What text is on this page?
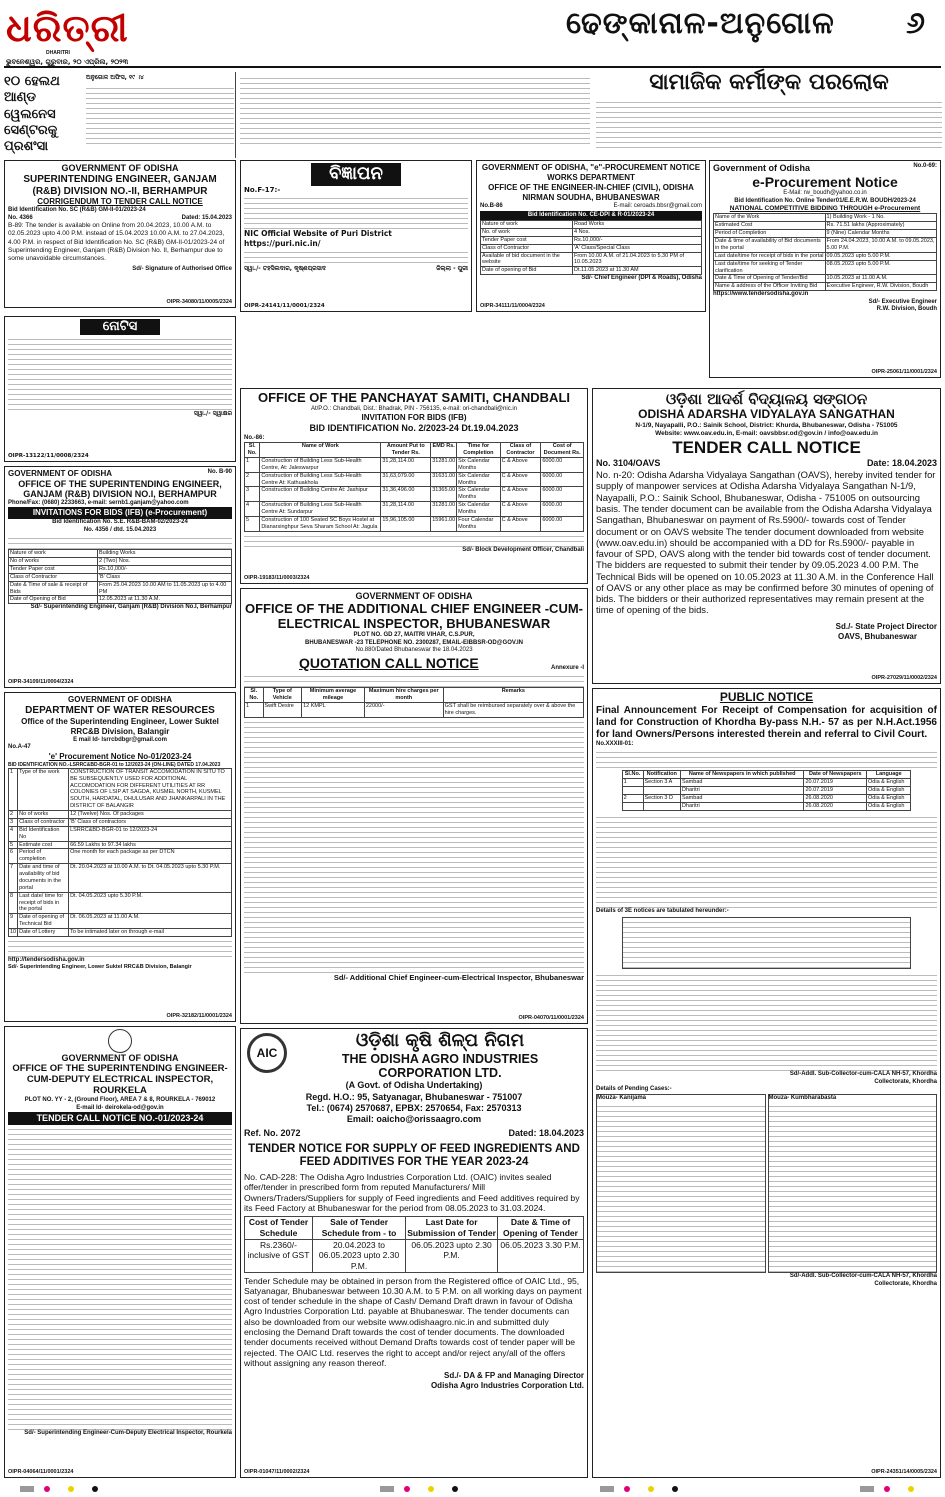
ଧରିତ୍ରୀ
DHARITRI
ଭୁବନେଶ୍ୱର, ଗୁରୁବାର, ୨୦ ଏପ୍ରିଲ, ୨୦୨୩
ଢେଙ୍କାନାଳ-ଅନୁଗୋଳ ୬
୧୦ ହେଲଥ ଆଣ୍ଡ ୱେଲନେସ ସେଣ୍ଟରକୁ ପ୍ରଶଂସା
ଅନୁଗୋଳ ଅଫିସ, ୧୯ ।୪	ସାମାଜିକ କର୍ମୀଙ୍କ ପରଲୋକ
GOVERNMENT OF ODISHA
SUPERINTENDING ENGINEER, GANJAM (R&B) DIVISION NO.-II, BERHAMPUR
CORRIGENDUM TO TENDER CALL NOTICE
Bid Identification No. SC (R&B) GM-II-01/2023-24
No. 4366	Dated: 15.04.2023
B-89: The tender is available on Online from 20.04.2023, 10.00 A.M. to 02.05.2023 upto 4.00 P.M. instead of 15.04.2023 10.00 A.M. to 27.04.2023, 4.00 P.M. in respect of Bid Identification No. SC (R&B) GM-II-01/2023-24 of Superintending Engineer, Ganjam (R&B) Division No. II, Berhampur due to some unavoidable circumstances.
Sd/- Signature of Authorised Office
OIPR-34080/11/0005/2324
ବିଜ୍ଞାପନ
No.F-17:-
NIC Official Website of Puri District https://puri.nic.in/
ସ୍ୱା./- ତହସିଲଦାର, କୃଷ୍ଣପ୍ରସାଦ	ଜିଲ୍ଲା - ପୁରୀ
OIPR-24141/11/0001/2324
GOVERNMENT OF ODISHA, "e"-PROCUREMENT NOTICE
WORKS DEPARTMENT
OFFICE OF THE ENGINEER-IN-CHIEF (CIVIL), ODISHA NIRMAN SOUDHA, BHUBANESWAR
No.B-86	E-mail: ceroads.bbsr@gmail.com
Bid Identification No. CE-DPI & R-01/2023-24
Nature of work	Road Works
No. of work	4 Nos.
Tender Paper cost	Rs.10,000/-
Class of Contractor	'A' Class/Special Class
Available of bid document in the website	From 10.00 A.M. of 21.04.2023 to 5.30 PM of 10.05.2023
Date of opening of Bid	Dt.11.05.2023 at 11.30 AM
Sd/- Chief Engineer (DPI & Roads), Odisha
OIPR-34111/11/0004/2324
Government of Odisha	No.0-69:
e-Procurement Notice
E-Mail: rw_boudh@yahoo.co.in
Bid Identification No. Online Tender01/E.E.R.W. BOUDH/2023-24
NATIONAL COMPETITIVE BIDDING THROUGH e-Procurement
Name of the Work	1) Building Work - 1 No.
Estimated Cost	Rs. 71.51 lakhs (Approximately)
Period of Completion	9 (Nine) Calendar Months
Date & time of availability of Bid documents in the portal	From 24.04.2023, 10.00 A.M. to 09.05.2023, 5.00 P.M.
Last date/time for receipt of bids in the portal	09.05.2023 upto 5.00 P.M.
Last date/time for seeking of Tender clarification	08.05.2023 upto 5.00 P.M.
Date & Time of Opening of Tender/Bid	10.05.2023 at 11.00 A.M.
Name & address of the Officer Inviting Bid	Executive Engineer, R.W. Division, Boudh
https://www.tendersodisha.gov.in
Sd/- Executive Engineer
R.W. Division, Boudh
OIPR-25061/11/0001/2324
ନୋଟିସ
ସ୍ୱା./- ସ୍ୱାକ୍ଷର
OIPR-13122/11/0008/2324
OFFICE OF THE PANCHAYAT SAMITI, CHANDBALI
At/P.O.: Chandbali, Dist.: Bhadrak, PIN - 756135, e-mail: ori-chandbali@nic.in
INVITATION FOR BIDS (IFB)
BID IDENTIFICATION No. 2/2023-24 Dt.19.04.2023
No.-86:
Sl. No.	Name of Work	Amount Put to Tender Rs.	EMD Rs.	Time for Completion	Class of Contractor	Cost of Document Rs.
1	Construction of Building Less Sub-Health Centre, At: Jaleswarpur	31,28,114.00	31281.00	Six Calendar Months	C & Above	6000.00
2	Construction of Building Less Sub-Health Centre At: Kathuakhola	31,63,079.00	31631.00	Six Calendar Months	C & Above	6000.00
3	Construction of Building Centre At: Jashipur	31,36,496.00	31365.00	Six Calendar Months	C & Above	6000.00
4	Construction of Building Less Sub-Health Centre At: Sundarpur	31,28,114.00	31281.00	Six Calendar Months	C & Above	6000.00
5	Construction of 100 Seated SC Boys Hostel at Dianarsinghpur Seva Sharam School At: Jagula	15,96,105.00	15961.00	Four Calendar Months	C & Above	6000.00
Sd/- Block Development Officer, Chandbali
OIPR-19183/11/0003/2324
GOVERNMENT OF ODISHA	No. B-90
OFFICE OF THE SUPERINTENDING ENGINEER, GANJAM (R&B) DIVISION NO.I, BERHAMPUR
Phone/Fax: (0680) 2233663, e-mail: sernb1.ganjam@yahoo.com
INVITATIONS FOR BIDS (IFB) (e-Procurement)
Bid Identification No. S.E. R&B-BAM-02/2023-24
No. 4356 / dtd. 15.04.2023
Nature of work	Building Works
No of works	2 (Two) Nos.
Tender Paper cost	Rs.10,000/-
Class of Contractor	'B' Class
Date & Time of sale & receipt of Bids	From 25.04.2023 10.00 AM to 11.05.2023 up to 4.00 PM
Date of Opening of Bid	12.05.2023 at 11.30 A.M.
Sd/- Superintending Engineer, Ganjam (R&B) Division No.I, Berhampur
OIPR-34109/11/0004/2324
ଓଡ଼ିଶା ଆଦର୍ଶ ବିଦ୍ୟାଳୟ ସଙ୍ଗଠନ
ODISHA ADARSHA VIDYALAYA SANGATHAN
N-1/9, Nayapalli, P.O.: Sainik School, District: Khurda, Bhubaneswar, Odisha - 751005
Website: www.oav.edu.in, E-mail: oavsbbsr.od@gov.in / info@oav.edu.in
TENDER CALL NOTICE
No. 3104/OAVS	Date: 18.04.2023
No. n-20: Odisha Adarsha Vidyalaya Sangathan (OAVS), hereby invited tender for supply of manpower services at Odisha Adarsha Vidyalaya Sangathan N-1/9, Nayapalli, P.O.: Sainik School, Bhubaneswar, Odisha - 751005 on outsourcing basis. The tender document can be available from the Odisha Adarsha Vidyalaya Sangathan, Bhubaneswar on payment of Rs.5900/- towards cost of Tender document or on OAVS website The tender document downloaded from website (www.oav.edu.in) should be accompanied with a DD for Rs.5900/- payable in favour of SPD, OAVS along with the tender bid towards cost of tender document. The bidders are requested to submit their tender by 09.05.2023 4.00 P.M. The Technical Bids will be opened on 10.05.2023 at 11.30 A.M. in the Conference Hall of OAVS or any other place as may be confirmed before 30 minutes of opening of bids. The bidders or their authorized representatives may remain present at the time of opening of the bids.
Sd./- State Project Director
OAVS, Bhubaneswar
OIPR-27029/11/0002/2324
GOVERNMENT OF ODISHA
OFFICE OF THE ADDITIONAL CHIEF ENGINEER -CUM-ELECTRICAL INSPECTOR, BHUBANESWAR
PLOT NO. GD 27, MAITRI VIHAR, C.S.PUR,
BHUBANESWAR -23 TELEPHONE NO. 2300287, EMAIL-EIBBSR-OD@GOV.IN
No.880/Dated Bhubaneswar the 18.04.2023
QUOTATION CALL NOTICE	Annexure -I
Sl. No.	Type of Vehicle	Minimum average mileage	Maximum hire charges per month	Remarks
1	Swift Desire	12 KMPL	22000/-	GST shall be reimbursed separately over & above the hire charges.
Sd/- Additional Chief Engineer-cum-Electrical Inspector, Bhubaneswar
OIPR-04070/11/0001/2324
GOVERNMENT OF ODISHA
DEPARTMENT OF WATER RESOURCES
Office of the Superintending Engineer, Lower Suktel RRC&B Division, Balangir
E mail Id- lsrrcbdbgr@gmail.com
No.A-47
'e' Procurement Notice No-01/2023-24
BID IDENTIFICATION NO.-LSRRC&BD-BGR-01 to 12/2023-24 (ON-LINE) DATED 17.04.2023
1	Type of the work	CONSTRUCTION OF TRANSIT ACCOMODATION IN SITU TO BE SUBSEQUENTLY USED FOR ADDITIONAL ACCOMODATION FOR DIFFERENT UTILITIES AT RR COLONIES OF LSIP AT SAGDA, KUSMEL NORTH, KUSMEL SOUTH, HARDATAL, DHULUSAR AND JHANKARPALI IN THE DISTRICT OF BALANGIR
2	No of works	12 (Twelve) Nos. Of packages
3	Class of contractor	'B' Class of contractors
4	Bid Identification No	LSRRC&BD-BGR-01 to 12/2023-24
5	Estimate cost	66.59 Lakhs to 97.34 lakhs
6	Period of completion	One month for each package as per DTCN
7	Date and time of availability of bid documents in the portal	Dt. 20.04.2023 at 10.00 A.M. to Dt. 04.05.2023 upto 5.30 P.M.
8	Last date/ time for receipt of bids in the portal	Dt. 04.05.2023 upto 5.30 P.M.
9	Date of opening of Technical Bid	Dt. 06.05.2023 at 11.00 A.M.
10	Date of Lottery	To be intimated later on through e-mail
http://tendersodisha.gov.in
Sd/- Superintending Engineer, Lower Suktel RRC&B Division, Balangir
OIPR-32182/11/0001/2324
GOVERNMENT OF ODISHA
OFFICE OF THE SUPERINTENDING ENGINEER-CUM-DEPUTY ELECTRICAL INSPECTOR, ROURKELA
PLOT NO. YY - 2, (Ground Floor), AREA 7 & 8, ROURKELA - 769012
E-mail Id- deirokela-od@gov.in
TENDER CALL NOTICE NO.-01/2023-24
Sd/- Superintending Engineer-Cum-Deputy Electrical Inspector, Rourkela
OIPR-04064/11/0001/2324
AIC
ଓଡ଼ିଶା କୃଷି ଶିଳ୍ପ ନିଗମ
THE ODISHA AGRO INDUSTRIES CORPORATION LTD.
(A Govt. of Odisha Undertaking)
Regd. H.O.: 95, Satyanagar, Bhubaneswar - 751007
Tel.: (0674) 2570687, EPBX: 2570654, Fax: 2570313
Email: oaicho@orissaagro.com
Ref. No. 2072	Dated: 18.04.2023
TENDER NOTICE FOR SUPPLY OF FEED INGREDIENTS AND FEED ADDITIVES FOR THE YEAR 2023-24
No. CAD-228: The Odisha Agro Industries Corporation Ltd. (OAIC) invites sealed offer/tender in prescribed form from reputed Manufacturers/ Mill Owners/Traders/Suppliers for supply of Feed ingredients and Feed additives required by its Feed Factory at Bhubaneswar for the period from 08.05.2023 to 31.03.2024.
Cost of Tender Schedule	Sale of Tender Schedule from - to	Last Date for Submission of Tender	Date & Time of Opening of Tender
Rs.2360/- inclusive of GST	20.04.2023 to 06.05.2023 upto 2.30 P.M.	06.05.2023 upto 2.30 P.M.	06.05.2023 3.30 P.M.
Tender Schedule may be obtained in person from the Registered office of OAIC Ltd., 95, Satyanagar, Bhubaneswar between 10.30 A.M. to 5 P.M. on all working days on payment cost of tender schedule in the shape of Cash/ Demand Draft drawn in favour of Odisha Agro Industries Corporation Ltd. payable at Bhubaneswar. The tender documents can also be downloaded from our website www.odishaagro.nic.in and submitted duly enclosing the Demand Draft towards the cost of tender documents. The downloaded tender documents received without Demand Drafts towards cost of tender paper will be rejected. The OAIC Ltd. reserves the right to accept and/or reject any/all of the offers without assigning any reason thereof.
Sd./- DA & FP and Managing Director
Odisha Agro Industries Corporation Ltd.
OIPR-01047/11/0002/2324
PUBLIC NOTICE
Final Announcement For Receipt of Compensation for acquisition of land for Construction of Khordha By-pass N.H.- 57 as per N.H.Act.1956 for land Owners/Persons interested therein and referral to Civil Court.
No.XXXIII-01:
Sl.No.	Notification	Name of Newspapers in which published	Date of Newspapers	Language
1	Section 3 A	Sambad	20.07.2019	Odia & English
		Dharitri	20.07.2019	Odia & English
2	Section 3 D	Sambad	26.08.2020	Odia & English
		Dharitri	26.08.2020	Odia & English
Details of 3E notices are tabulated hereunder:-
Sd/-Addl. Sub-Collector-cum-CALA NH-57, Khordha
Collectorate, Khordha
Details of Pending Cases:-
Mouza- Kanijama	Mouza- Kumbharabasta
Sd/-Addl. Sub-Collector-cum-CALA NH-57, Khordha
Collectorate, Khordha
OIPR-24351/14/0005/2324
